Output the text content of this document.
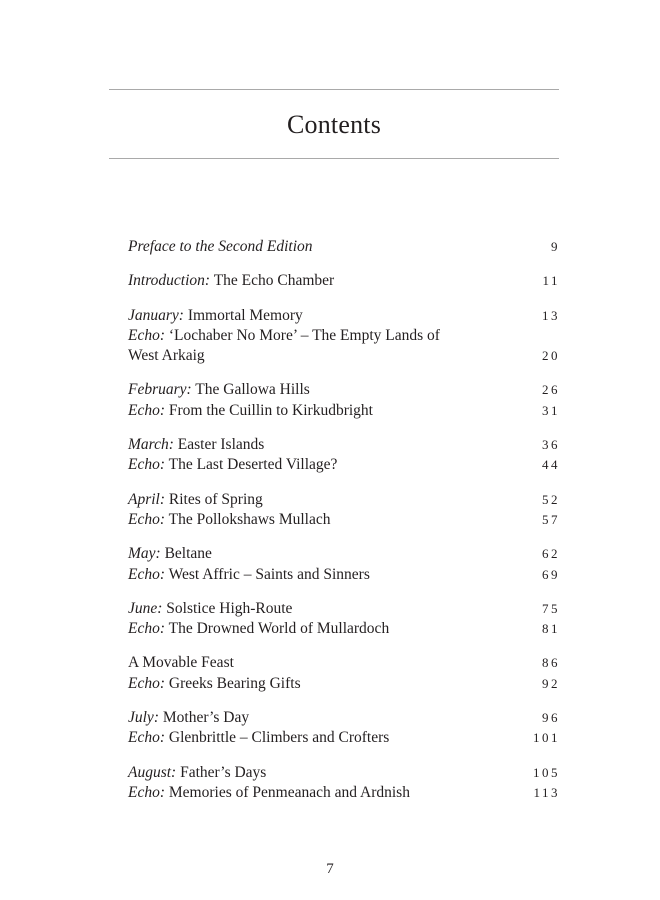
Contents
Preface to the Second Edition	9
Introduction: The Echo Chamber	11
January: Immortal Memory	13
Echo: ‘Lochaber No More’ – The Empty Lands of
West Arkaig	20
February: The Gallowa Hills	26
Echo: From the Cuillin to Kirkudbright	31
March: Easter Islands	36
Echo: The Last Deserted Village?	44
April: Rites of Spring	52
Echo: The Pollokshaws Mullach	57
May: Beltane	62
Echo: West Affric – Saints and Sinners	69
June: Solstice High-Route	75
Echo: The Drowned World of Mullardoch	81
A Movable Feast	86
Echo: Greeks Bearing Gifts	92
July: Mother’s Day	96
Echo: Glenbrittle – Climbers and Crofters	101
August: Father’s Days	105
Echo: Memories of Penmeanach and Ardnish	113
7
